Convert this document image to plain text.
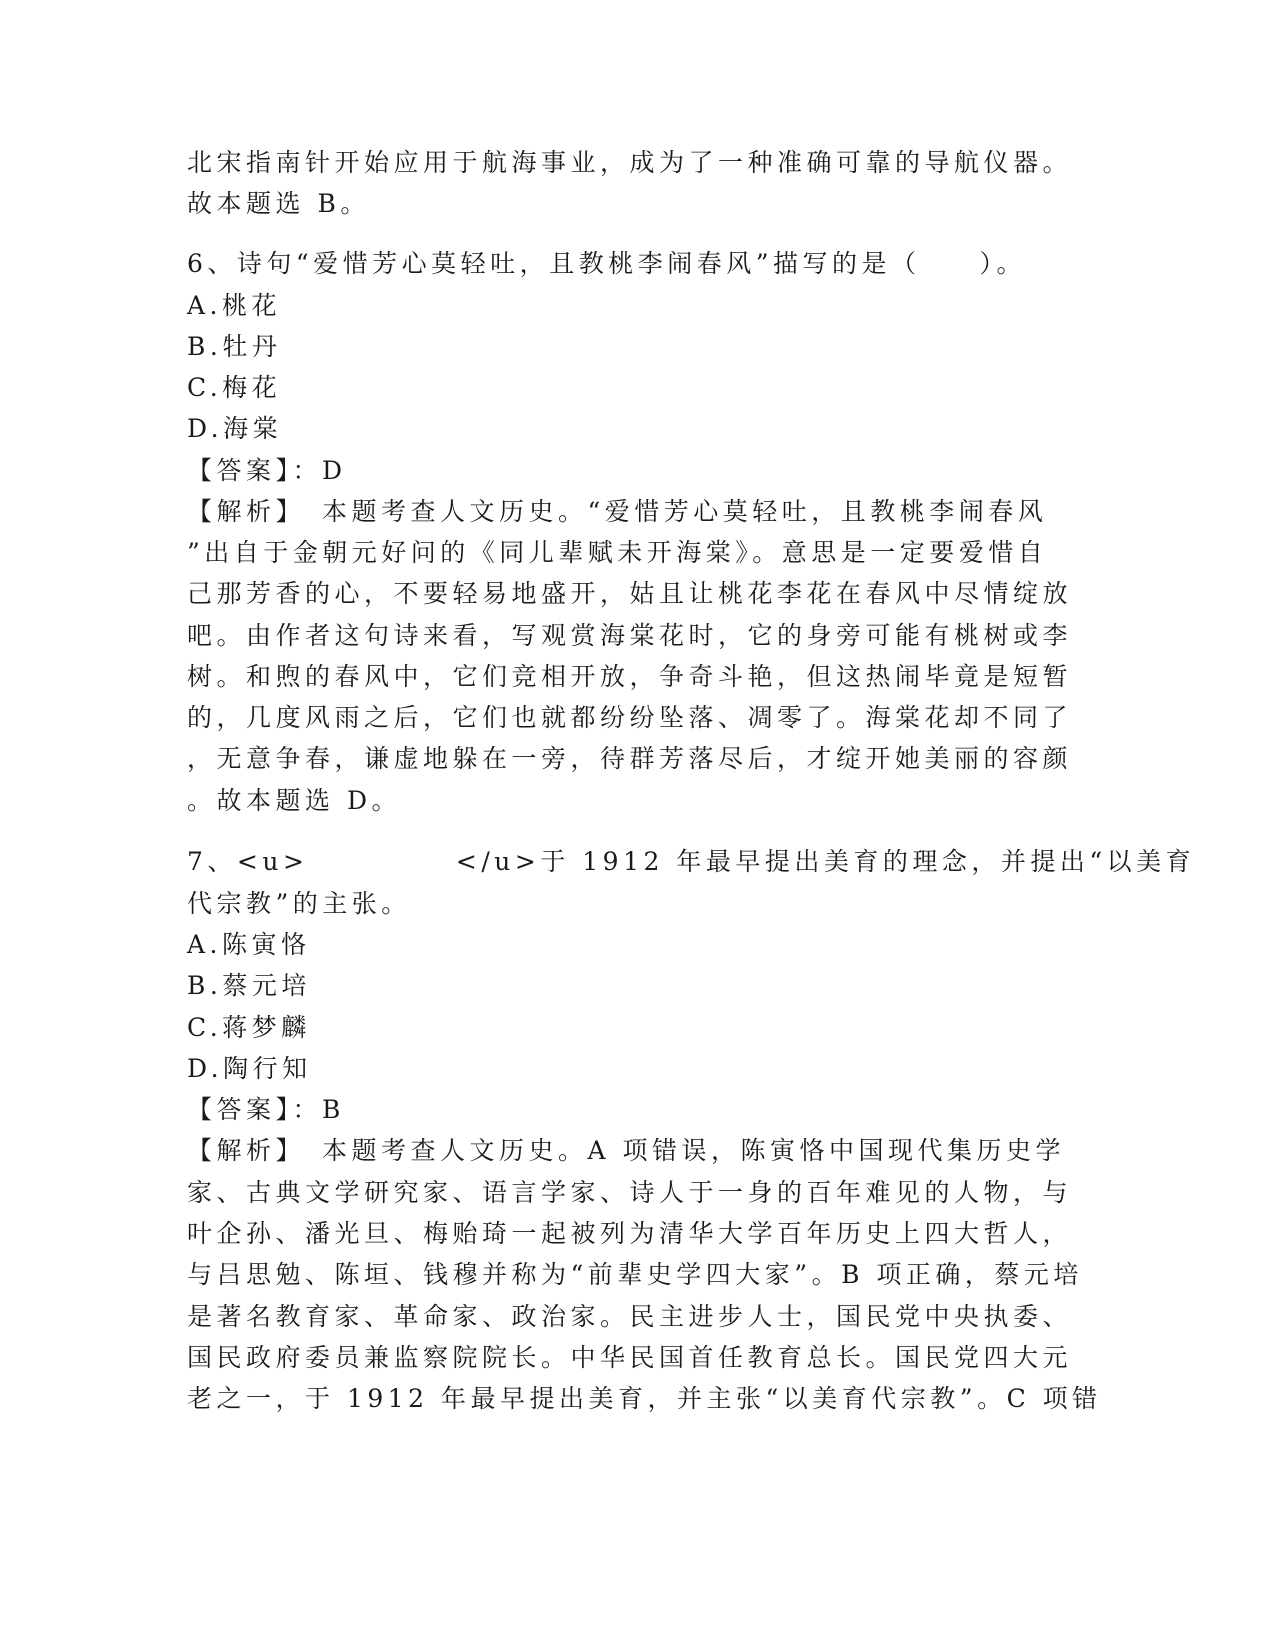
北宋指南针开始应用于航海事业，成为了一种准确可靠的导航仪器。
故本题选 B。
6、诗句“爱惜芳心莫轻吐，且教桃李闹春风”描写的是（　　）。
A.桃花
B.牡丹
C.梅花
D.海棠
【答案】：D
【解析】　本题考查人文历史。“爱惜芳心莫轻吐，且教桃李闹春风
”出自于金朝元好问的《同儿辈赋未开海棠》。意思是一定要爱惜自
己那芳香的心，不要轻易地盛开，姑且让桃花李花在春风中尽情绽放
吧。由作者这句诗来看，写观赏海棠花时，它的身旁可能有桃树或李
树。和煦的春风中，它们竞相开放，争奇斗艳，但这热闹毕竟是短暂
的，几度风雨之后，它们也就都纷纷坠落、凋零了。海棠花却不同了
，无意争春，谦虚地躲在一旁，待群芳落尽后，才绽开她美丽的容颜
。故本题选 D。
7、<u>　　　　　</u>于 1912 年最早提出美育的理念，并提出“以美育
代宗教”的主张。
A.陈寅恪
B.蔡元培
C.蒋梦麟
D.陶行知
【答案】：B
【解析】　本题考查人文历史。A 项错误，陈寅恪中国现代集历史学
家、古典文学研究家、语言学家、诗人于一身的百年难见的人物，与
叶企孙、潘光旦、梅贻琦一起被列为清华大学百年历史上四大哲人，
与吕思勉、陈垣、钱穆并称为“前辈史学四大家”。B 项正确，蔡元培
是著名教育家、革命家、政治家。民主进步人士，国民党中央执委、
国民政府委员兼监察院院长。中华民国首任教育总长。国民党四大元
老之一，于 1912 年最早提出美育，并主张“以美育代宗教”。C 项错
